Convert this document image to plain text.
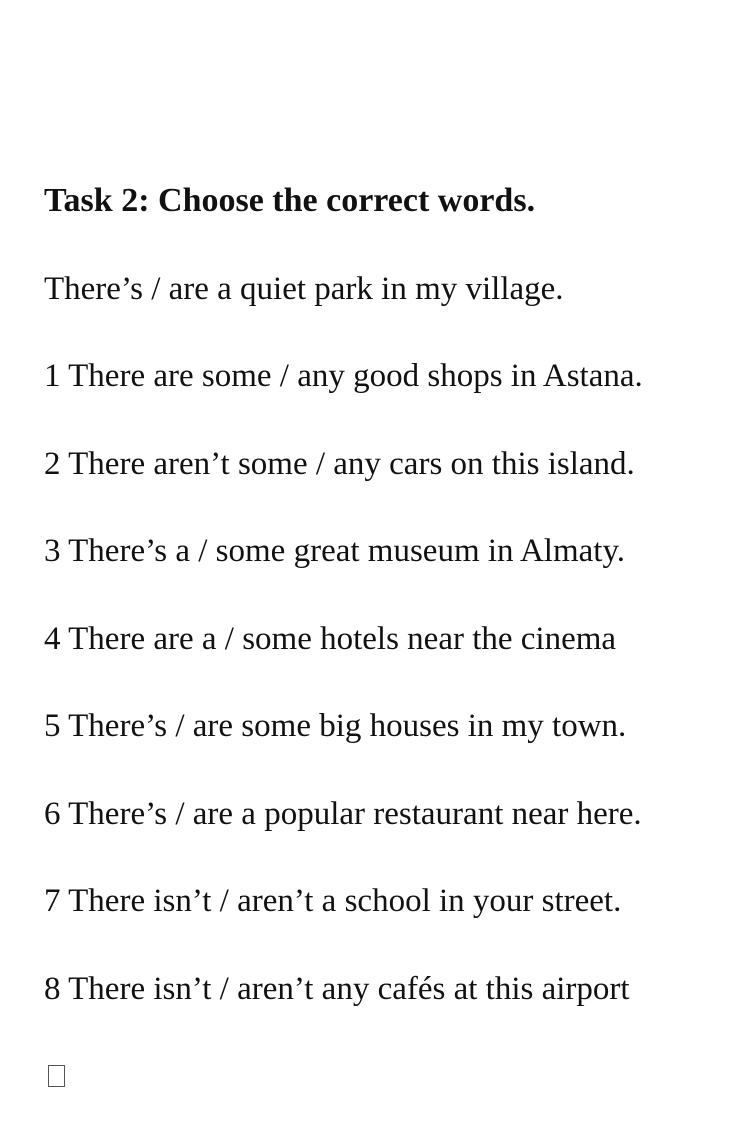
Task 2: Choose the correct words.
There’s / are a quiet park in my village.
1 There are some / any good shops in Astana.
2 There aren’t some / any cars on this island.
3 There’s a / some great museum in Almaty.
4 There are a / some hotels near the cinema
5 There’s / are some big houses in my town.
6 There’s / are a popular restaurant near here.
7 There isn’t / aren’t a school in your street.
8 There isn’t / aren’t any cafés at this airport
